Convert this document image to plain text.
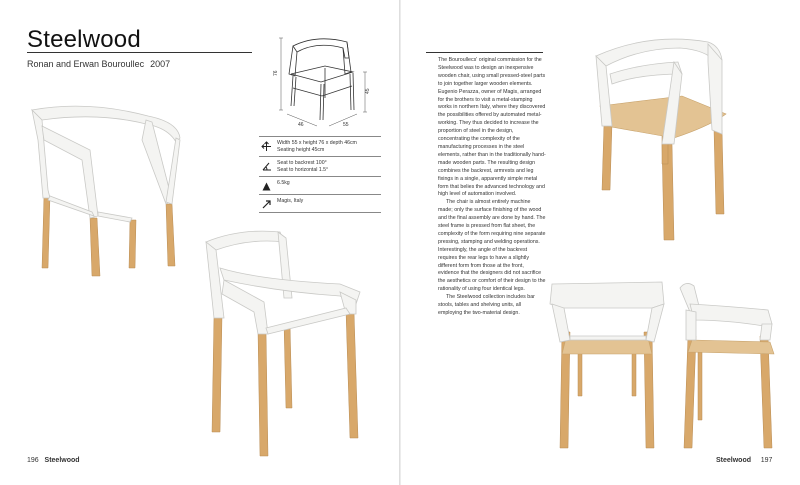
Steelwood
Ronan and Erwan Bouroullec 2007
76
45
46	55
Width 55 x height 76 x depth 46cm
Seating height 45cm
Seat to backrest 100°
Seat to horizontal 1.5°
6.5kg
Magis, Italy
196 Steelwood

The Bouroullecs' original commission for the Steelwood was to design an inexpensive wooden chair, using small pressed-steel parts to join together larger wooden elements. Eugenio Perazza, owner of Magis, arranged for the brothers to visit a metal-stamping works in northern Italy, where they discovered the possibilities offered by automated metal-working. They thus decided to increase the proportion of steel in the design, concentrating the complexity of the manufacturing processes in the steel elements, rather than in the traditionally hand-made wooden parts. The resulting design combines the backrest, armrests and leg fixings in a single, apparently simple metal form that belies the advanced technology and high level of automation involved.

The chair is almost entirely machine made; only the surface finishing of the wood and the final assembly are done by hand. The steel frame is pressed from flat sheet, the complexity of the form requiring nine separate pressing, stamping and welding operations. Interestingly, the angle of the backrest requires the rear legs to have a slightly different form from those at the front, evidence that the designers did not sacrifice the aesthetics or comfort of their design to the rationality of using four identical legs.

The Steelwood collection includes bar stools, tables and shelving units, all employing the two-material design.

Steelwood 197
